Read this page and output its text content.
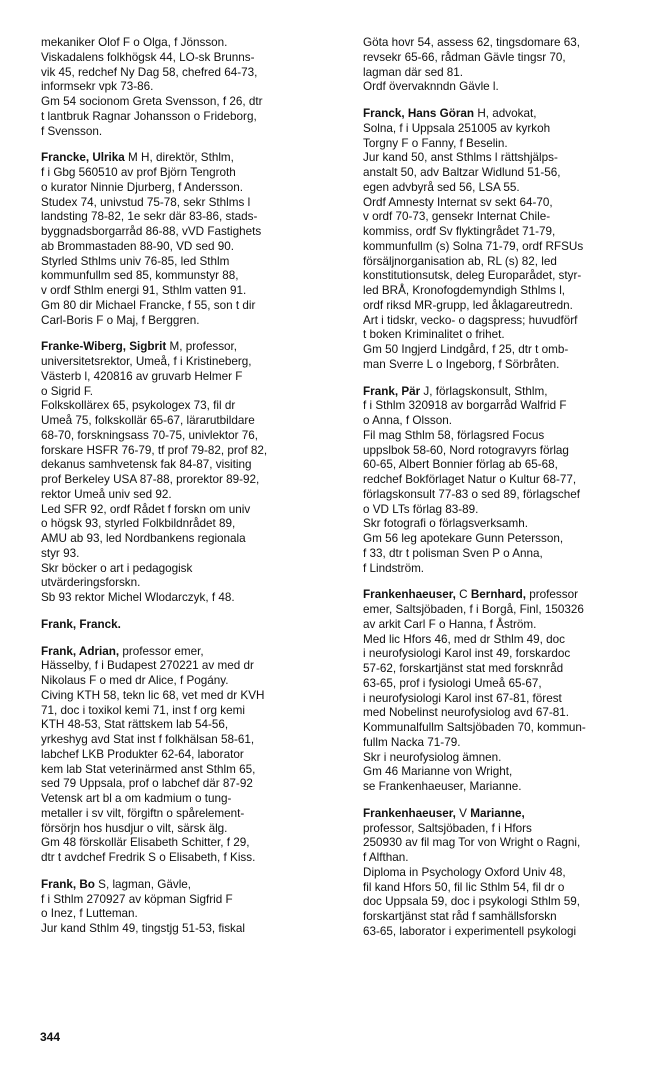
mekaniker Olof F o Olga, f Jönsson.
Viskadalens folkhögsk 44, LO-sk Brunns-
vik 45, redchef Ny Dag 58, chefred 64-73,
informsekr vpk 73-86.
Gm 54 socionom Greta Svensson, f 26, dtr
t lantbruk Ragnar Johansson o Frideborg,
f Svensson.
Francke, Ulrika M H, direktör, Sthlm,
f i Gbg 560510 av prof Björn Tengroth
o kurator Ninnie Djurberg, f Andersson.
Studex 74, univstud 75-78, sekr Sthlms l
landsting 78-82, 1e sekr där 83-86, stads-
byggnadsborgarråd 86-88, vVD Fastighets
ab Brommastaden 88-90, VD sed 90.
Styrled Sthlms univ 76-85, led Sthlm
kommunfullm sed 85, kommunstyr 88,
v ordf Sthlm energi 91, Sthlm vatten 91.
Gm 80 dir Michael Francke, f 55, son t dir
Carl-Boris F o Maj, f Berggren.
Franke-Wiberg, Sigbrit M, professor,
universitetsrektor, Umeå, f i Kristineberg,
Västerb l, 420816 av gruvarb Helmer F
o Sigrid F.
Folkskollärex 65, psykologex 73, fil dr
Umeå 75, folkskollär 65-67, lärarutbildare
68-70, forskningsass 70-75, univlektor 76,
forskare HSFR 76-79, tf prof 79-82, prof 82,
dekanus samhvetensk fak 84-87, visiting
prof Berkeley USA 87-88, prorektor 89-92,
rektor Umeå univ sed 92.
Led SFR 92, ordf Rådet f forskn om univ
o högsk 93, styrled Folkbildnrådet 89,
AMU ab 93, led Nordbankens regionala
styr 93.
Skr böcker o art i pedagogisk
utvärderingsforskn.
Sb 93 rektor Michel Wlodarczyk, f 48.
Frank, Franck.
Frank, Adrian, professor emer,
Hässelby, f i Budapest 270221 av med dr
Nikolaus F o med dr Alice, f Pogány.
Civing KTH 58, tekn lic 68, vet med dr KVH
71, doc i toxikol kemi 71, inst f org kemi
KTH 48-53, Stat rättskem lab 54-56,
yrkeshyg avd Stat inst f folkhälsan 58-61,
labchef LKB Produkter 62-64, laborator
kem lab Stat veterinärmed anst Sthlm 65,
sed 79 Uppsala, prof o labchef där 87-92
Vetensk art bl a om kadmium o tung-
metaller i sv vilt, förgiftn o spårelement-
försörjn hos husdjur o vilt, särsk älg.
Gm 48 förskollär Elisabeth Schitter, f 29,
dtr t avdchef Fredrik S o Elisabeth, f Kiss.
Frank, Bo S, lagman, Gävle,
f i Sthlm 270927 av köpman Sigfrid F
o Inez, f Lutteman.
Jur kand Sthlm 49, tingstjg 51-53, fiskal
Göta hovr 54, assess 62, tingsdomare 63,
revsekr 65-66, rådman Gävle tingsr 70,
lagman där sed 81.
Ordf övervaknndn Gävle l.
Franck, Hans Göran H, advokat,
Solna, f i Uppsala 251005 av kyrkoh
Torgny F o Fanny, f Beselin.
Jur kand 50, anst Sthlms l rättshjälps-
anstalt 50, adv Baltzar Widlund 51-56,
egen advbyrå sed 56, LSA 55.
Ordf Amnesty Internat sv sekt 64-70,
v ordf 70-73, gensekr Internat Chile-
kommiss, ordf Sv flyktingrådet 71-79,
kommunfullm (s) Solna 71-79, ordf RFSUs
försäljnorganisation ab, RL (s) 82, led
konstitutionsutsk, deleg Europarådet, styr-
led BRÅ, Kronofogdemyndigh Sthlms l,
ordf riksd MR-grupp, led åklagareutredn.
Art i tidskr, vecko- o dagspress; huvudförf
t boken Kriminalitet o frihet.
Gm 50 Ingjerd Lindgård, f 25, dtr t omb-
man Sverre L o Ingeborg, f Sörbråten.
Frank, Pär J, förlagskonsult, Sthlm,
f i Sthlm 320918 av borgarråd Walfrid F
o Anna, f Olsson.
Fil mag Sthlm 58, förlagsred Focus
uppslbok 58-60, Nord rotogravyrs förlag
60-65, Albert Bonnier förlag ab 65-68,
redchef Bokförlaget Natur o Kultur 68-77,
förlagskonsult 77-83 o sed 89, förlagschef
o VD LTs förlag 83-89.
Skr fotografi o förlagsverksamh.
Gm 56 leg apotekare Gunn Petersson,
f 33, dtr t polisman Sven P o Anna,
f Lindström.
Frankenhaeuser, C Bernhard, professor
emer, Saltsjöbaden, f i Borgå, Finl, 150326
av arkit Carl F o Hanna, f Åström.
Med lic Hfors 46, med dr Sthlm 49, doc
i neurofysiologi Karol inst 49, forskardoc
57-62, forskartjänst stat med forsknråd
63-65, prof i fysiologi Umeå 65-67,
i neurofysiologi Karol inst 67-81, förest
med Nobelinst neurofysiolog avd 67-81.
Kommunalfullm Saltsjöbaden 70, kommun-
fullm Nacka 71-79.
Skr i neurofysiolog ämnen.
Gm 46 Marianne von Wright,
se Frankenhaeuser, Marianne.
Frankenhaeuser, V Marianne,
professor, Saltsjöbaden, f i Hfors
250930 av fil mag Tor von Wright o Ragni,
f Alfthan.
Diploma in Psychology Oxford Univ 48,
fil kand Hfors 50, fil lic Sthlm 54, fil dr o
doc Uppsala 59, doc i psykologi Sthlm 59,
forskartjänst stat råd f samhällsforskn
63-65, laborator i experimentell psykologi
344
